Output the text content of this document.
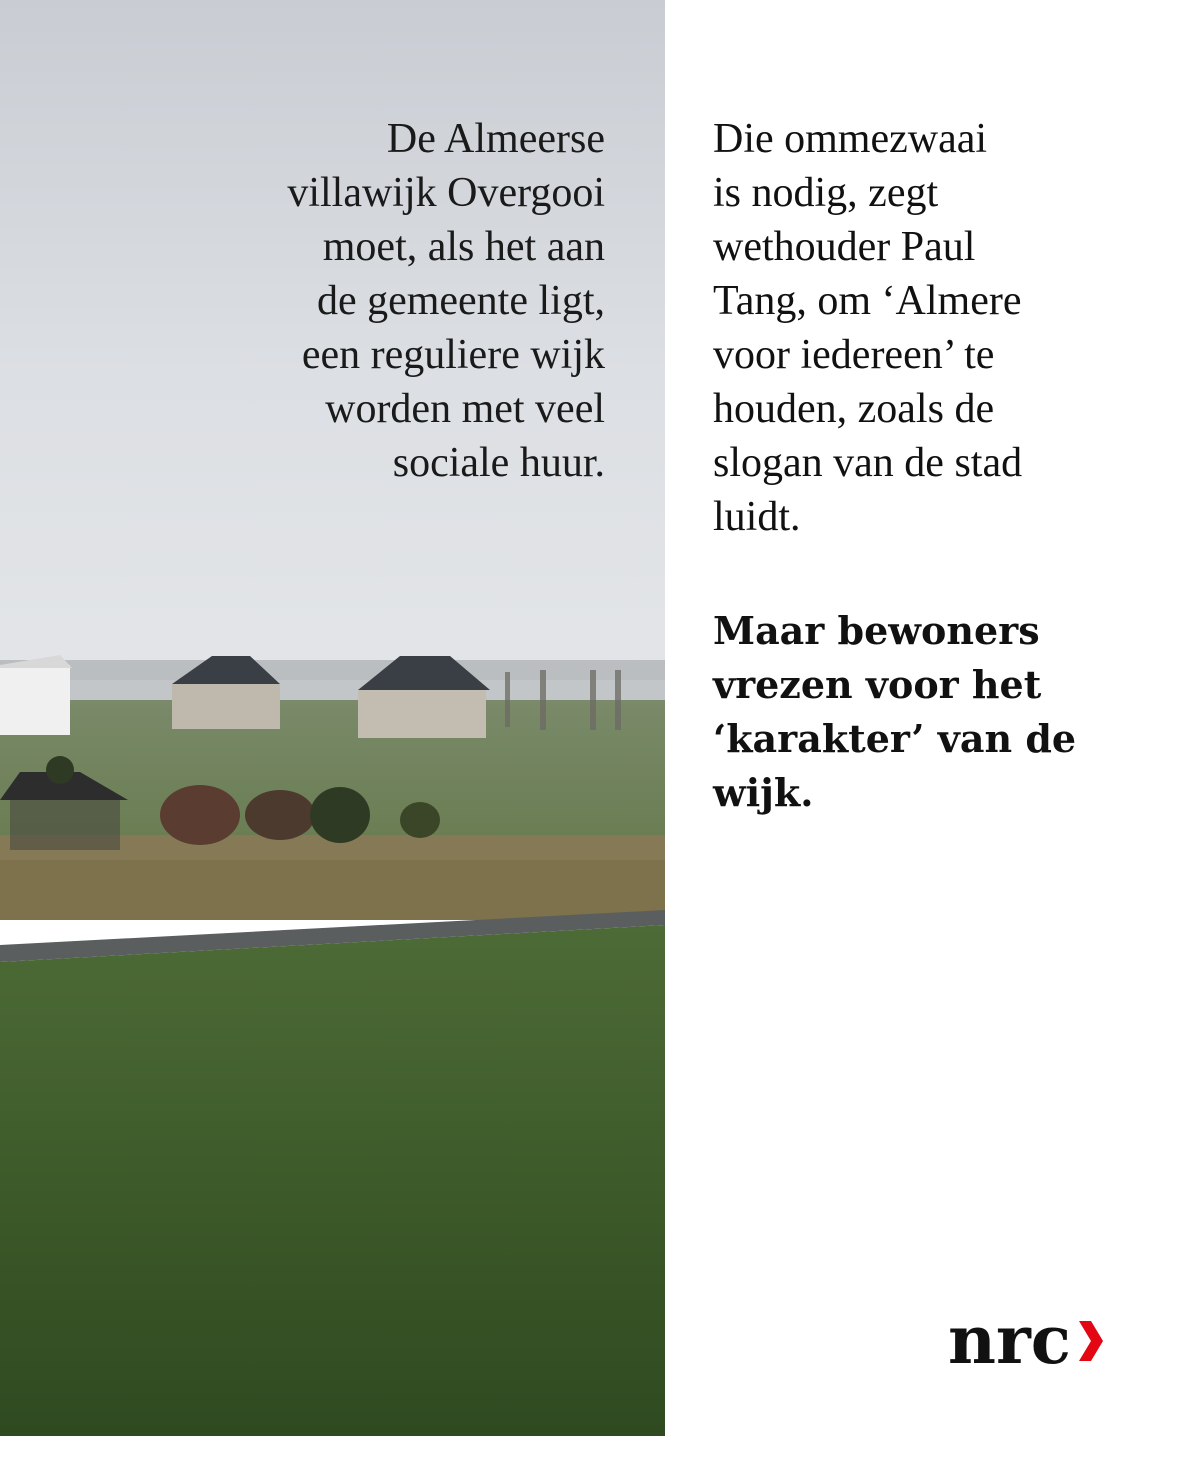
De Almeerse
villawijk Overgooi
moet, als het aan
de gemeente ligt,
een reguliere wijk
worden met veel
sociale huur.
Die ommezwaai
is nodig, zegt
wethouder Paul
Tang, om ‘Almere
voor iedereen’ te
houden, zoals de
slogan van de stad
luidt.
Maar bewoners
vrezen voor het
‘karakter’ van de
wijk.
nrc
